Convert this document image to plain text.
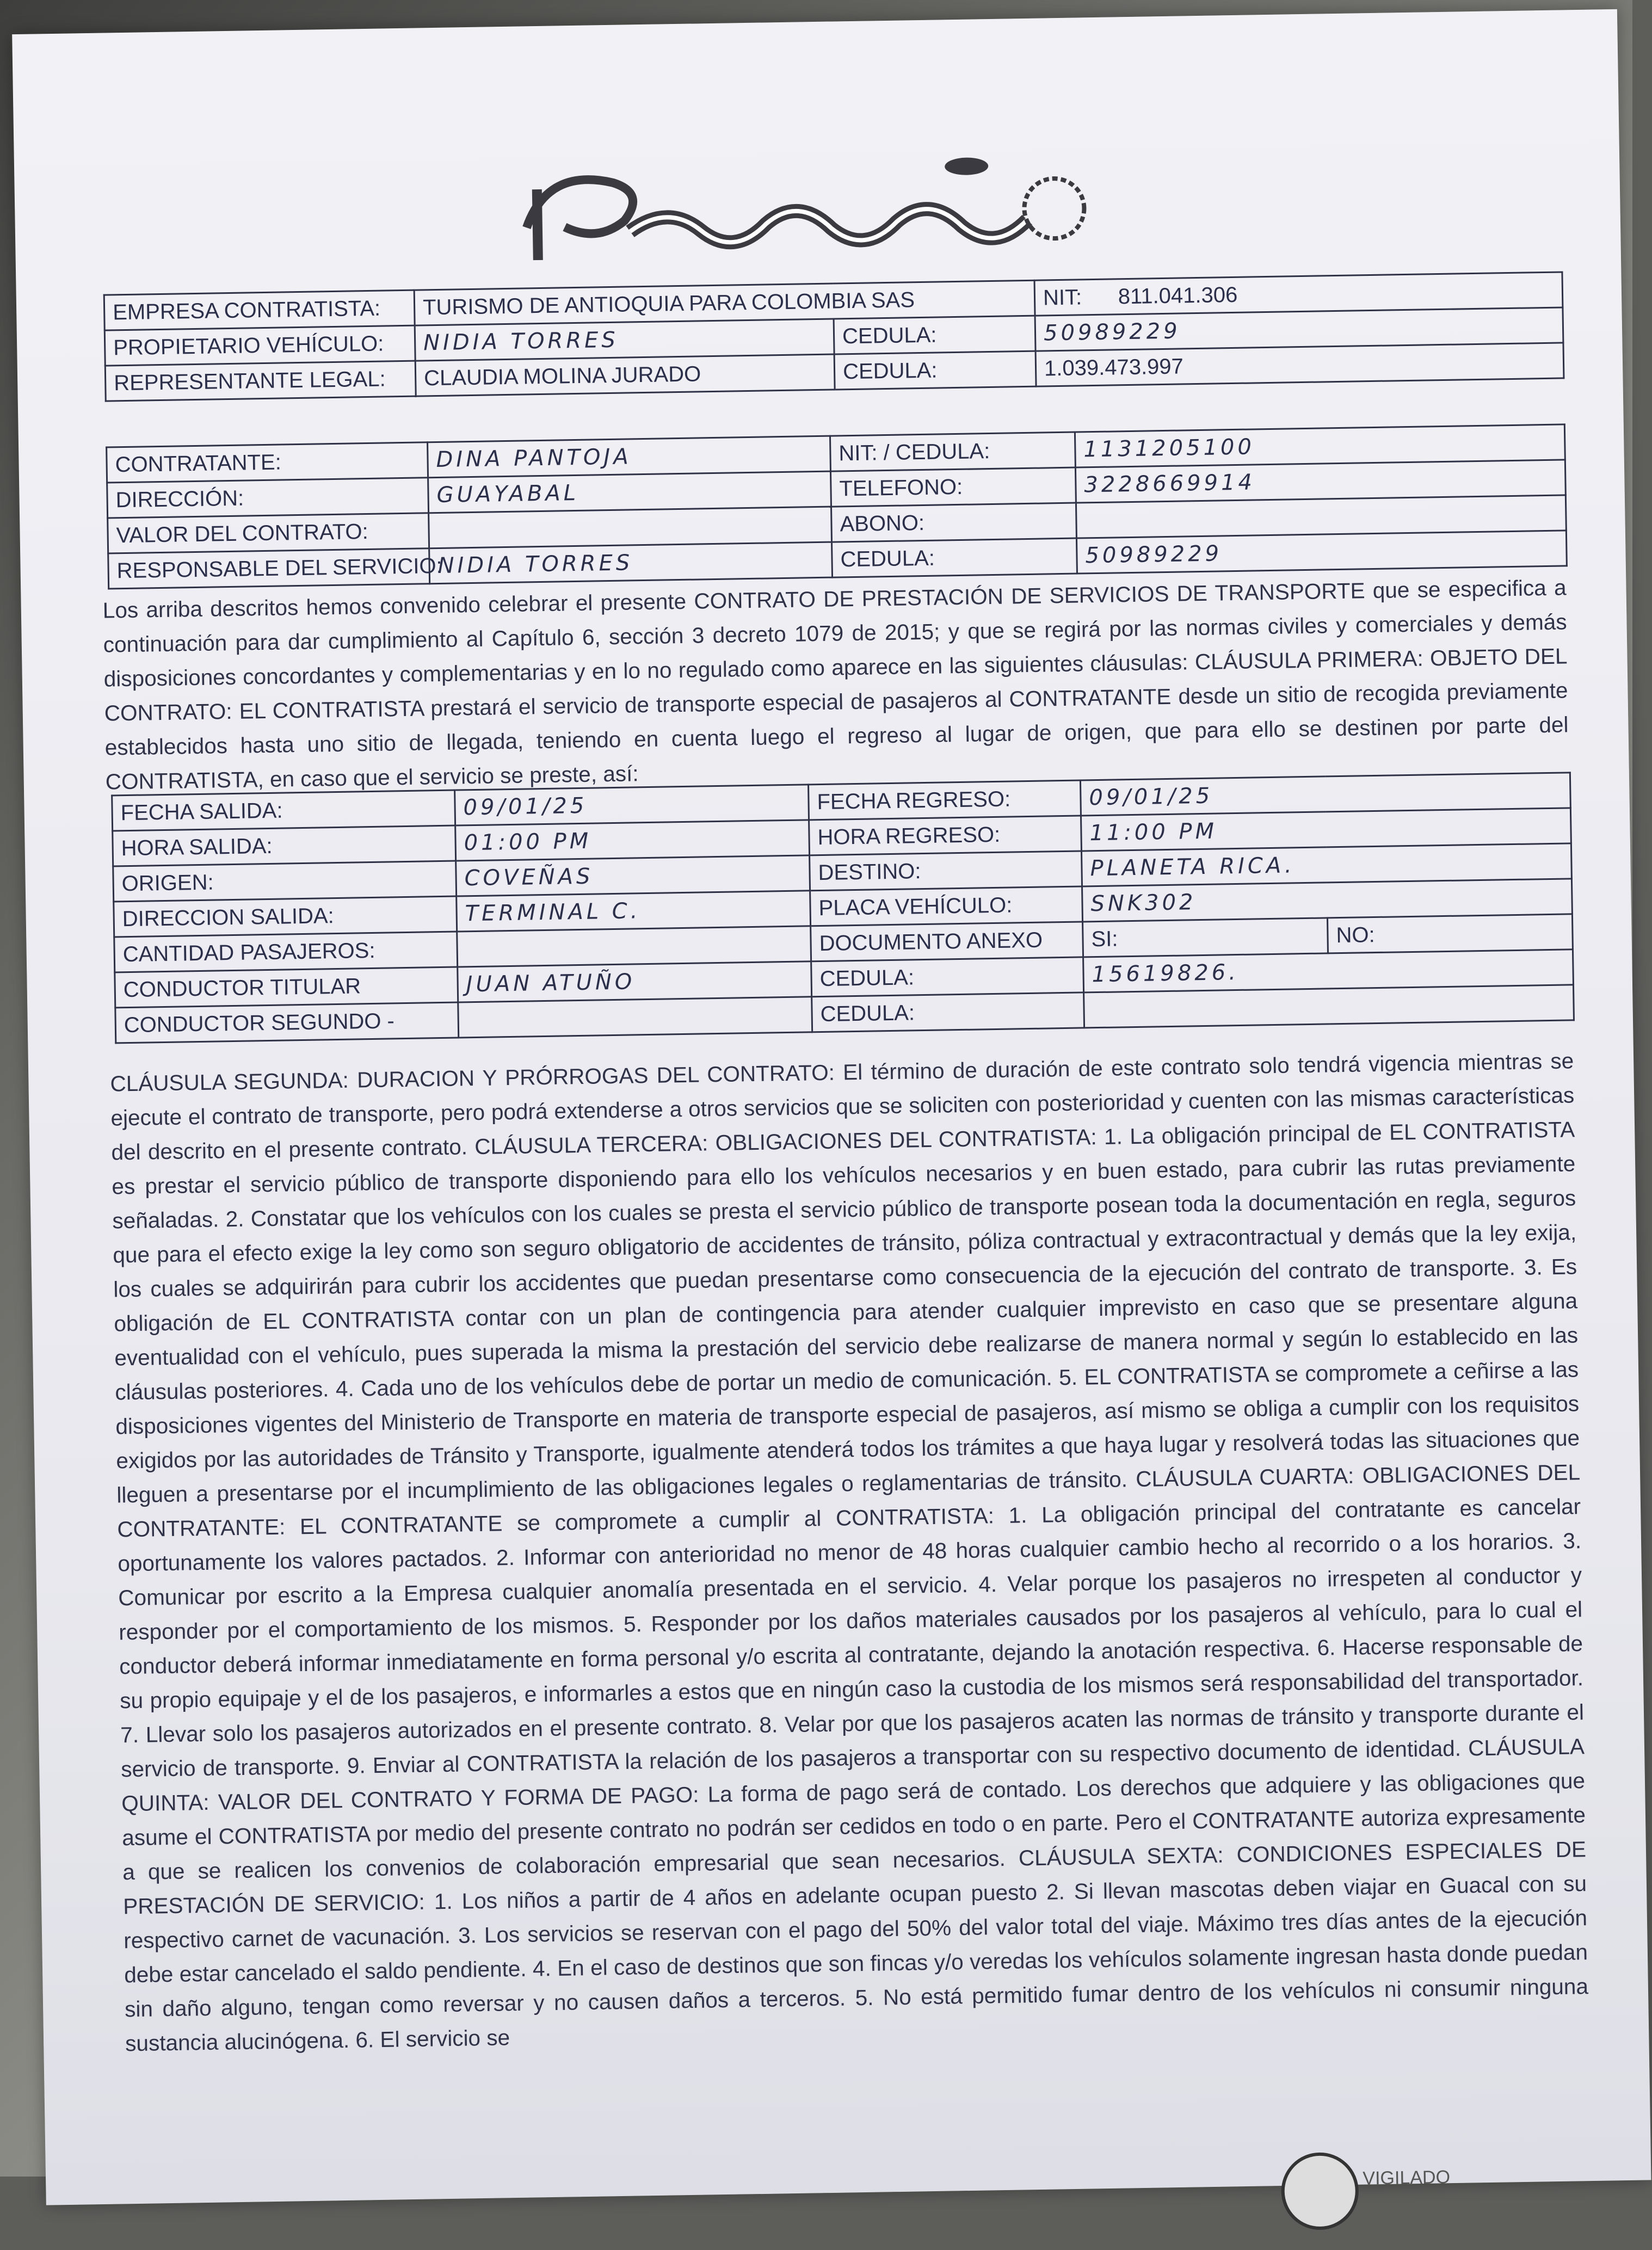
EMPRESA CONTRATISTA:	TURISMO DE ANTIOQUIA PARA COLOMBIA SAS		NIT: 811.041.306
PROPIETARIO VEHÍCULO:	NIDIA TORRES	CEDULA:	50989229
REPRESENTANTE LEGAL:	CLAUDIA MOLINA JURADO	CEDULA:	1.039.473.997
CONTRATANTE:	DINA PANTOJA	NIT: / CEDULA:	1131205100
DIRECCIÓN:	GUAYABAL	TELEFONO:	3228669914
VALOR DEL CONTRATO:		ABONO:	
RESPONSABLE DEL SERVICIO:	NIDIA TORRES	CEDULA:	50989229
Los arriba descritos hemos convenido celebrar el presente CONTRATO DE PRESTACIÓN DE SERVICIOS DE TRANSPORTE que se especifica a continuación para dar cumplimiento al Capítulo 6, sección 3 decreto 1079 de 2015; y que se regirá por las normas civiles y comerciales y demás disposiciones concordantes y complementarias y en lo no regulado como aparece en las siguientes cláusulas: CLÁUSULA PRIMERA: OBJETO DEL CONTRATO: EL CONTRATISTA prestará el servicio de transporte especial de pasajeros al CONTRATANTE desde un sitio de recogida previamente establecidos hasta uno sitio de llegada, teniendo en cuenta luego el regreso al lugar de origen, que para ello se destinen por parte del CONTRATISTA, en caso que el servicio se preste, así:
FECHA SALIDA:	09/01/25	FECHA REGRESO:	09/01/25	
HORA SALIDA:	01:00 PM	HORA REGRESO:	11:00 PM	
ORIGEN:	COVEÑAS	DESTINO:	PLANETA RICA.	
DIRECCION SALIDA:	TERMINAL C.	PLACA VEHÍCULO:	SNK302	
CANTIDAD PASAJEROS:		DOCUMENTO ANEXO	SI:	NO:
CONDUCTOR TITULAR	JUAN ATUÑO	CEDULA:	15619826.	
CONDUCTOR SEGUNDO -		CEDULA:		
CLÁUSULA SEGUNDA: DURACION Y PRÓRROGAS DEL CONTRATO: El término de duración de este contrato solo tendrá vigencia mientras se ejecute el contrato de transporte, pero podrá extenderse a otros servicios que se soliciten con posterioridad y cuenten con las mismas características del descrito en el presente contrato. CLÁUSULA TERCERA: OBLIGACIONES DEL CONTRATISTA: 1. La obligación principal de EL CONTRATISTA es prestar el servicio público de transporte disponiendo para ello los vehículos necesarios y en buen estado, para cubrir las rutas previamente señaladas. 2. Constatar que los vehículos con los cuales se presta el servicio público de transporte posean toda la documentación en regla, seguros que para el efecto exige la ley como son seguro obligatorio de accidentes de tránsito, póliza contractual y extracontractual y demás que la ley exija, los cuales se adquirirán para cubrir los accidentes que puedan presentarse como consecuencia de la ejecución del contrato de transporte. 3. Es obligación de EL CONTRATISTA contar con un plan de contingencia para atender cualquier imprevisto en caso que se presentare alguna eventualidad con el vehículo, pues superada la misma la prestación del servicio debe realizarse de manera normal y según lo establecido en las cláusulas posteriores. 4. Cada uno de los vehículos debe de portar un medio de comunicación. 5. EL CONTRATISTA se compromete a ceñirse a las disposiciones vigentes del Ministerio de Transporte en materia de transporte especial de pasajeros, así mismo se obliga a cumplir con los requisitos exigidos por las autoridades de Tránsito y Transporte, igualmente atenderá todos los trámites a que haya lugar y resolverá todas las situaciones que lleguen a presentarse por el incumplimiento de las obligaciones legales o reglamentarias de tránsito. CLÁUSULA CUARTA: OBLIGACIONES DEL CONTRATANTE: EL CONTRATANTE se compromete a cumplir al CONTRATISTA: 1. La obligación principal del contratante es cancelar oportunamente los valores pactados. 2. Informar con anterioridad no menor de 48 horas cualquier cambio hecho al recorrido o a los horarios. 3. Comunicar por escrito a la Empresa cualquier anomalía presentada en el servicio. 4. Velar porque los pasajeros no irrespeten al conductor y responder por el comportamiento de los mismos. 5. Responder por los daños materiales causados por los pasajeros al vehículo, para lo cual el conductor deberá informar inmediatamente en forma personal y/o escrita al contratante, dejando la anotación respectiva. 6. Hacerse responsable de su propio equipaje y el de los pasajeros, e informarles a estos que en ningún caso la custodia de los mismos será responsabilidad del transportador. 7. Llevar solo los pasajeros autorizados en el presente contrato. 8. Velar por que los pasajeros acaten las normas de tránsito y transporte durante el servicio de transporte. 9. Enviar al CONTRATISTA la relación de los pasajeros a transportar con su respectivo documento de identidad. CLÁUSULA QUINTA: VALOR DEL CONTRATO Y FORMA DE PAGO: La forma de pago será de contado. Los derechos que adquiere y las obligaciones que asume el CONTRATISTA por medio del presente contrato no podrán ser cedidos en todo o en parte. Pero el CONTRATANTE autoriza expresamente a que se realicen los convenios de colaboración empresarial que sean necesarios. CLÁUSULA SEXTA: CONDICIONES ESPECIALES DE PRESTACIÓN DE SERVICIO: 1. Los niños a partir de 4 años en adelante ocupan puesto 2. Si llevan mascotas deben viajar en Guacal con su respectivo carnet de vacunación. 3. Los servicios se reservan con el pago del 50% del valor total del viaje. Máximo tres días antes de la ejecución debe estar cancelado el saldo pendiente. 4. En el caso de destinos que son fincas y/o veredas los vehículos solamente ingresan hasta donde puedan sin daño alguno, tengan como reversar y no causen daños a terceros. 5. No está permitido fumar dentro de los vehículos ni consumir ninguna sustancia alucinógena. 6. El servicio se
VIGILADO
